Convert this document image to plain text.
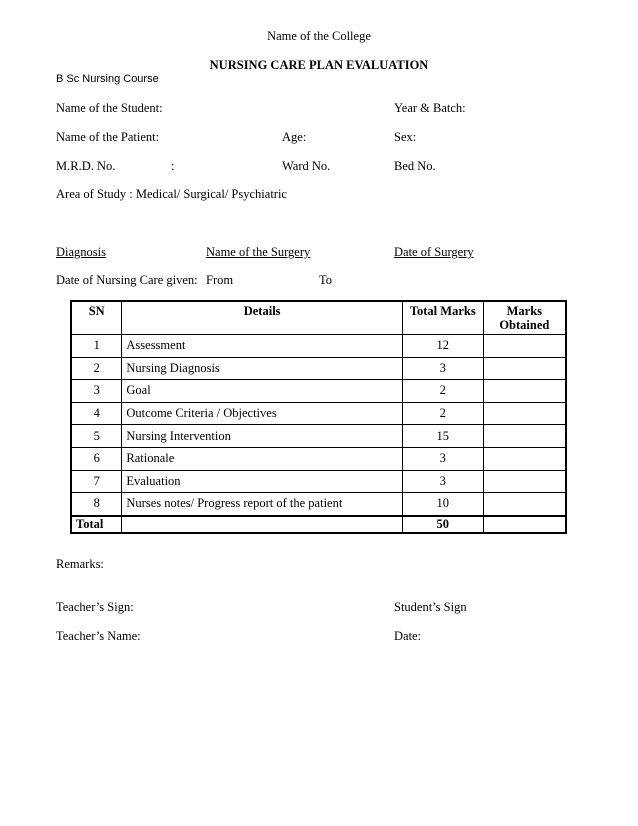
Name of the College
NURSING CARE PLAN EVALUATION
B Sc Nursing Course
Name of the Student:	Year & Batch:
Name of the Patient:	Age:	Sex:
M.R.D. No.	:	Ward No.	Bed No.
Area of Study : Medical/ Surgical/ Psychiatric
Diagnosis	Name of the Surgery	Date of Surgery
Date of Nursing Care given: From	To
SN	Details	Total Marks	Marks Obtained
1	Assessment	12	
2	Nursing Diagnosis	3	
3	Goal	2	
4	Outcome Criteria / Objectives	2	
5	Nursing Intervention	15	
6	Rationale	3	
7	Evaluation	3	
8	Nurses notes/ Progress report of the patient	10	
Total		50	
Remarks:
Teacher’s Sign:	Student’s Sign
Teacher’s Name:	Date:
